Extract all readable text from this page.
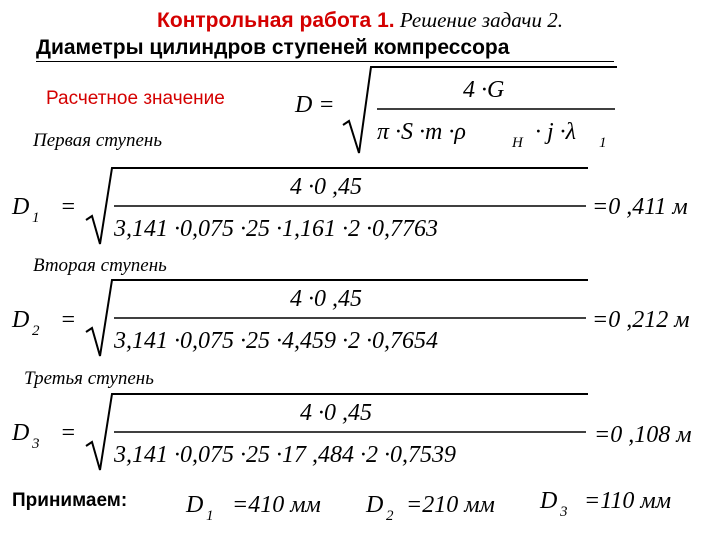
Контрольная работа 1. Решение задачи 2.
Диаметры цилиндров ступеней компрессора
Расчетное значение	D =
4 ·G
π ·S ·m ·ρ	H · j ·λ 1
Первая ступень
D 1 =
4 ·0 ,45
3,141 ·0,075 ·25 ·1,161 ·2 ·0,7763
=0 ,411 м
Вторая ступень
D 2 =
4 ·0 ,45
3,141 ·0,075 ·25 ·4,459 ·2 ·0,7654
=0 ,212 м
Третья ступень
D 3 =
4 ·0 ,45
3,141 ·0,075 ·25 ·17 ,484 ·2 ·0,7539
=0 ,108 м
Принимаем: D 1 =410 мм D 2 =210 мм D 3 =110 мм
